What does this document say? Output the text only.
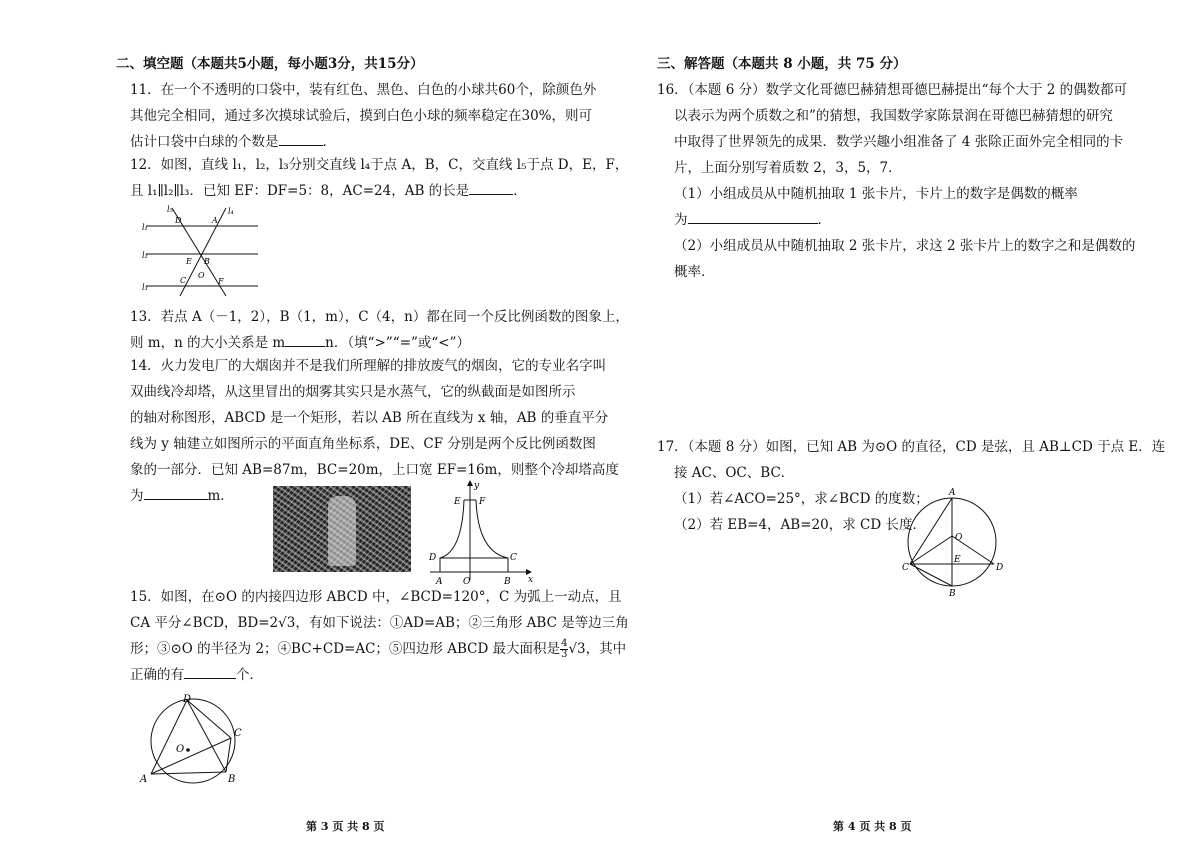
二、填空题（本题共5小题，每小题3分，共15分）

11．在一个不透明的口袋中，装有红色、黑色、白色的小球共60个，除颜色外

其他完全相同，通过多次摸球试验后，摸到白色小球的频率稳定在30%，则可

估计口袋中白球的个数是	．

12．如图，直线 l₁，l₂，l₃分别交直线 l₄于点 A，B，C，交直线 l₅于点 D，E，F，

且 l₁∥l₂∥l₃．已知 EF：DF=5：8，AC=24，AB 的长是	．

l₁
l₂
l₃
l₄
l₅
D	A
E B
C
O
F

13．若点 A（－1，2），B（1，m），C（4，n）都在同一个反比例函数的图象上，

则 m，n 的大小关系是 m	n．（填“>”“=”或“<”）

14．火力发电厂的大烟囱并不是我们所理解的排放废气的烟囱，它的专业名字叫

双曲线冷却塔，从这里冒出的烟雾其实只是水蒸气，它的纵截面是如图所示

的轴对称图形，ABCD 是一个矩形，若以 AB 所在直线为 x 轴，AB 的垂直平分

线为 y 轴建立如图所示的平面直角坐标系，DE、CF 分别是两个反比例函数图

象的一部分．已知 AB=87m，BC=20m，上口宽 EF=16m，则整个冷却塔高度

为	m．

y
x
E F
D	C
A O	B

15．如图，在⊙O 的内接四边形 ABCD 中，∠BCD=120°，C 为弧上一动点，且

CA 平分∠BCD，BD=2√3，有如下说法：①AD=AB；②三角形 ABC 是等边三角

形；③⊙O 的半径为 2；④BC+CD=AC；⑤四边形 ABCD 最大面积是 $\frac{4}{3} √3$，其中

正确的有	个．

D
C
O
A	B
第 3 页 共 8 页
三、解答题（本题共 8 小题，共 75 分）

16．（本题 6 分）数学文化哥德巴赫猜想哥德巴赫提出“每个大于 2 的偶数都可

以表示为两个质数之和”的猜想，我国数学家陈景润在哥德巴赫猜想的研究

中取得了世界领先的成果．数学兴趣小组准备了 4 张除正面外完全相同的卡

片，上面分别写着质数 2，3，5，7．

（1）小组成员从中随机抽取 1 张卡片，卡片上的数字是偶数的概率

为	．

（2）小组成员从中随机抽取 2 张卡片，求这 2 张卡片上的数字之和是偶数的

概率．

17．（本题 8 分）如图，已知 AB 为⊙O 的直径，CD 是弦，且 AB⊥CD 于点 E．连

接 AC、OC、BC．

（1）若∠ACO=25°，求∠BCD 的度数；

（2）若 EB=4，AB=20，求 CD 长度．

A
O
C
E
D
B
第 4 页 共 8 页
